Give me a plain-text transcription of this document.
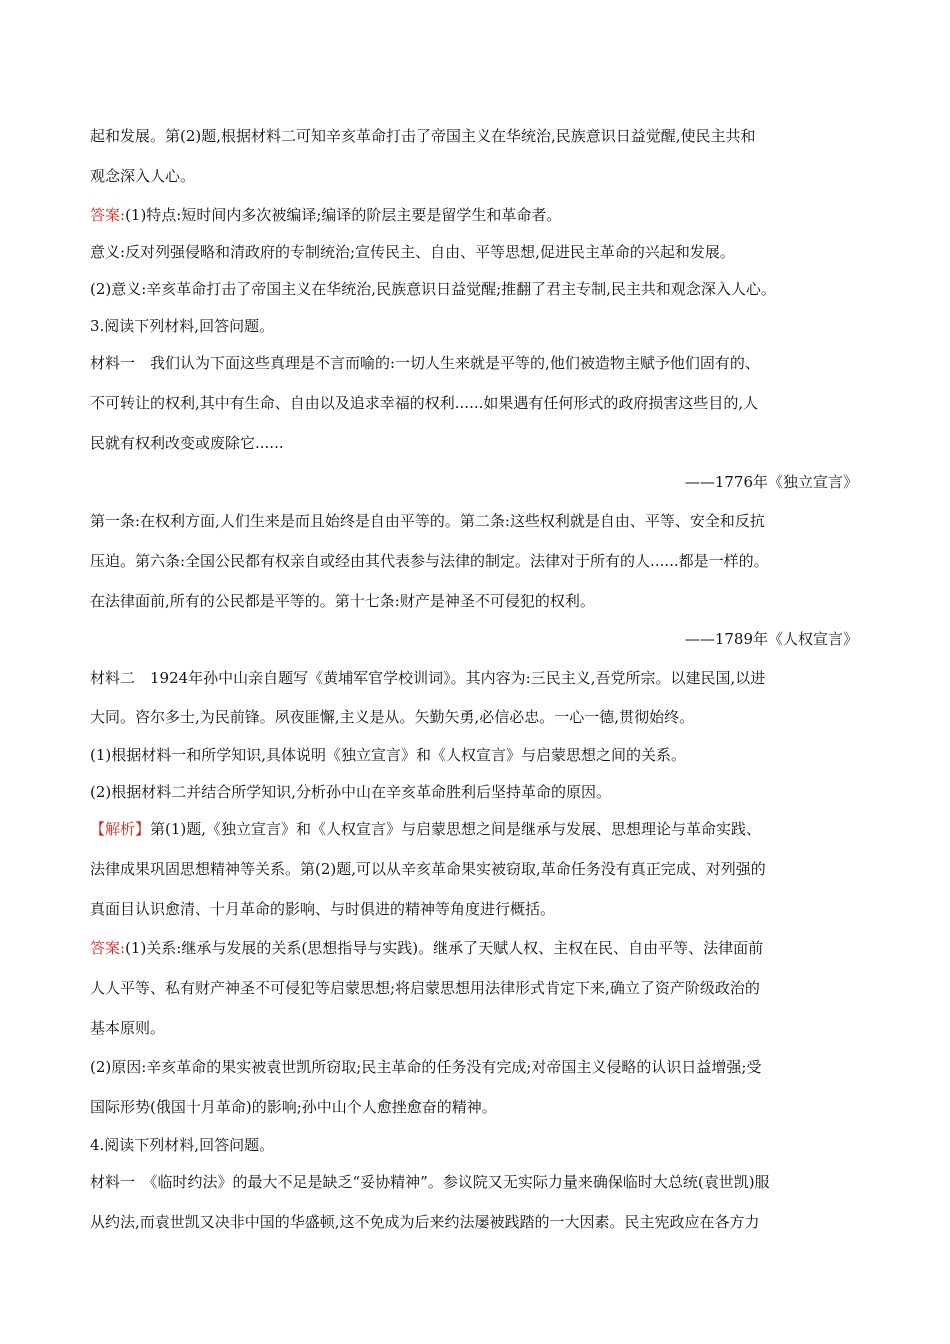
起和发展。第(2)题,根据材料二可知辛亥革命打击了帝国主义在华统治,民族意识日益觉醒,使民主共和
观念深入人心。
答案:(1)特点:短时间内多次被编译;编译的阶层主要是留学生和革命者。
意义:反对列强侵略和清政府的专制统治;宣传民主、自由、平等思想,促进民主革命的兴起和发展。
(2)意义:辛亥革命打击了帝国主义在华统治,民族意识日益觉醒;推翻了君主专制,民主共和观念深入人心。
3.阅读下列材料,回答问题。
材料一　我们认为下面这些真理是不言而喻的:一切人生来就是平等的,他们被造物主赋予他们固有的、
不可转让的权利,其中有生命、自由以及追求幸福的权利......如果遇有任何形式的政府损害这些目的,人
民就有权利改变或废除它......
——1776年《独立宣言》
第一条:在权利方面,人们生来是而且始终是自由平等的。第二条:这些权利就是自由、平等、安全和反抗
压迫。第六条:全国公民都有权亲自或经由其代表参与法律的制定。法律对于所有的人......都是一样的。
在法律面前,所有的公民都是平等的。第十七条:财产是神圣不可侵犯的权利。
——1789年《人权宣言》
材料二　1924年孙中山亲自题写《黄埔军官学校训词》。其内容为:三民主义,吾党所宗。以建民国,以进
大同。咨尔多士,为民前锋。夙夜匪懈,主义是从。矢勤矢勇,必信必忠。一心一德,贯彻始终。
(1)根据材料一和所学知识,具体说明《独立宣言》和《人权宣言》与启蒙思想之间的关系。
(2)根据材料二并结合所学知识,分析孙中山在辛亥革命胜利后坚持革命的原因。
【解析】第(1)题,《独立宣言》和《人权宣言》与启蒙思想之间是继承与发展、思想理论与革命实践、
法律成果巩固思想精神等关系。第(2)题,可以从辛亥革命果实被窃取,革命任务没有真正完成、对列强的
真面目认识愈清、十月革命的影响、与时俱进的精神等角度进行概括。
答案:(1)关系:继承与发展的关系(思想指导与实践)。继承了天赋人权、主权在民、自由平等、法律面前
人人平等、私有财产神圣不可侵犯等启蒙思想;将启蒙思想用法律形式肯定下来,确立了资产阶级政治的
基本原则。
(2)原因:辛亥革命的果实被袁世凯所窃取;民主革命的任务没有完成;对帝国主义侵略的认识日益增强;受
国际形势(俄国十月革命)的影响;孙中山个人愈挫愈奋的精神。
4.阅读下列材料,回答问题。
材料一　《临时约法》的最大不足是缺乏“妥协精神”。参议院又无实际力量来确保临时大总统(袁世凯)服
从约法,而袁世凯又决非中国的华盛顿,这不免成为后来约法屡被践踏的一大因素。民主宪政应在各方力
